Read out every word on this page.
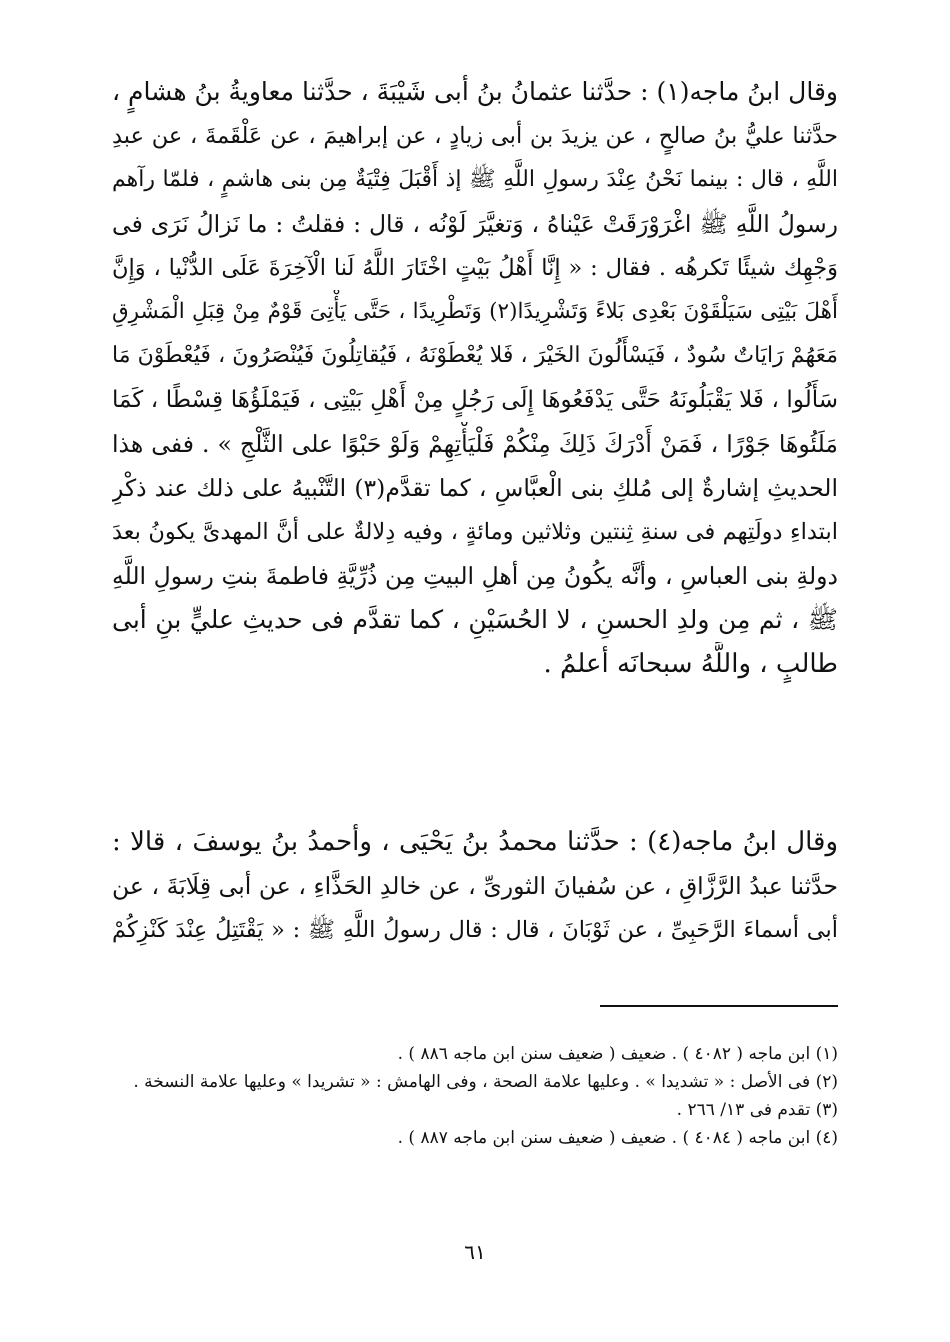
وقال ابنُ ماجه(١) : حدَّثنا عثمانُ بنُ أبى شَيْبَةَ ، حدَّثنا معاويةُ بنُ هشامٍ ،
حدَّثنا عليُّ بنُ صالحٍ ، عن يزيدَ بن أبى زيادٍ ، عن إبراهيمَ ، عن عَلْقَمةَ ، عن عبدِ
اللَّهِ ، قال : بينما نَحْنُ عِنْدَ رسولِ اللَّهِ ﷺ إذ أَقْبَلَ فِتْيَةٌ مِن بنى هاشمٍ ، فلمّا رآهم
رسولُ اللَّهِ ﷺ اغْرَوْرَقَتْ عَيْناهُ ، وَتغيَّرَ لَوْنُه ، قال : فقلتُ : ما نَزالُ نَرَى فى
وَجْهِك شيئًا تَكرهُه . فقال : « إِنَّا أَهْلُ بَيْتٍ اخْتَارَ اللَّهُ لَنا الْآخِرَةَ عَلَى الدُّنْيا ، وَإِنَّ
أَهْلَ بَيْتِى سَيَلْقَوْنَ بَعْدِى بَلاءً وَتَشْرِيدًا(٢) وَتَطْرِيدًا ، حَتَّى يَأْتِىَ قَوْمٌ مِنْ قِبَلِ الْمَشْرِقِ
مَعَهُمْ رَايَاتٌ سُودٌ ، فَيَسْأَلُونَ الخَيْرَ ، فَلا يُعْطَوْنَهُ ، فَيُقاتِلُونَ فَيُنْصَرُونَ ، فَيُعْطَوْنَ مَا
سَأَلُوا ، فَلا يَقْبَلُونَهُ حَتَّى يَدْفَعُوهَا إِلَى رَجُلٍ مِنْ أَهْلِ بَيْتِى ، فَيَمْلَؤُهَا قِسْطًا ، كَمَا
مَلَئُوهَا جَوْرًا ، فَمَنْ أَدْرَكَ ذَلِكَ مِنْكُمْ فَلْيَأْتِهِمْ وَلَوْ حَبْوًا على الثَّلْجِ » . ففى هذا
الحديثِ إشارةٌ إلى مُلكِ بنى الْعبَّاسِ ، كما تقدَّم(٣) التَّنْبيهُ على ذلك عند ذكْرِ
ابتداءِ دولَتِهم فى سنةِ ثِنتين وثلاثين ومائةٍ ، وفيه دِلالةٌ على أنَّ المهدىَّ يكونُ بعدَ
دولةِ بنى العباسِ ، وأنَّه يكُونُ مِن أهلِ البيتِ مِن ذُرِّيَّةِ فاطمةَ بنتِ رسولِ اللَّهِ
ﷺ ، ثم مِن ولدِ الحسنِ ، لا الحُسَيْنِ ، كما تقدَّم فى حديثِ عليٍّ بنِ أبى
طالبٍ ، واللَّهُ سبحانَه أعلمُ .
وقال ابنُ ماجه(٤) : حدَّثنا محمدُ بنُ يَحْيَى ، وأحمدُ بنُ يوسفَ ، قالا :
حدَّثنا عبدُ الرَّزَّاقِ ، عن سُفيانَ الثورىِّ ، عن خالدِ الحَذَّاءِ ، عن أبى قِلَابَةَ ، عن
أبى أسماءَ الرَّحَبِىِّ ، عن ثَوْبَانَ ، قال : قال رسولُ اللَّهِ ﷺ : « يَقْتَتِلُ عِنْدَ كَنْزِكُمْ
(١) ابن ماجه ( ٤٠٨٢ ) . ضعيف ( ضعيف سنن ابن ماجه ٨٨٦ ) .
(٢) فى الأصل : « تشديدا » . وعليها علامة الصحة ، وفى الهامش : « تشريدا » وعليها علامة النسخة .
(٣) تقدم فى ١٣/ ٢٦٦ .
(٤) ابن ماجه ( ٤٠٨٤ ) . ضعيف ( ضعيف سنن ابن ماجه ٨٨٧ ) .
٦١
